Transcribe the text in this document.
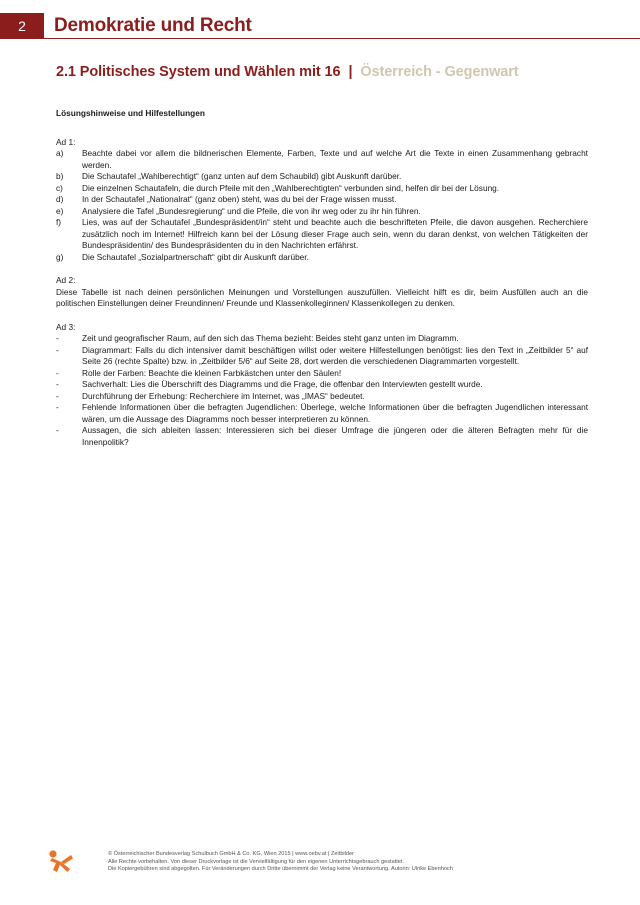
2	Demokratie und Recht
2.1 Politisches System und Wählen mit 16 | Österreich - Gegenwart

Lösungshinweise und Hilfestellungen

Ad 1:

a) Beachte dabei vor allem die bildnerischen Elemente, Farben, Texte und auf welche Art die Texte in einen Zusammenhang gebracht werden.
b) Die Schautafel „Wahlberechtigt“ (ganz unten auf dem Schaubild) gibt Auskunft darüber.
c) Die einzelnen Schautafeln, die durch Pfeile mit den „Wahlberechtigten“ verbunden sind, helfen dir bei der Lösung.
d) In der Schautafel „Nationalrat“ (ganz oben) steht, was du bei der Frage wissen musst.
e) Analysiere die Tafel „Bundesregierung“ und die Pfeile, die von ihr weg oder zu ihr hin führen.
f)	Lies, was auf der Schautafel „Bundespräsident/in“ steht und beachte auch die beschrifteten Pfeile, die davon ausgehen. Recherchiere zusätzlich noch im Internet! Hilfreich kann bei der Lösung dieser Frage auch sein, wenn du daran denkst, von welchen Tätigkeiten der Bundespräsidentin/ des Bundespräsidenten du in den Nachrichten erfährst.
g) Die Schautafel „Sozialpartnerschaft“ gibt dir Auskunft darüber.

Ad 2:

Diese Tabelle ist nach deinen persönlichen Meinungen und Vorstellungen auszufüllen. Vielleicht hilft es dir, beim Ausfüllen auch an die politischen Einstellungen deiner Freundinnen/ Freunde und Klassenkolleginnen/ Klassenkollegen zu denken.

Ad 3:

-	Zeit und geografischer Raum, auf den sich das Thema bezieht: Beides steht ganz unten im Diagramm.
-	Diagrammart: Falls du dich intensiver damit beschäftigen willst oder weitere Hilfestellungen benötigst: lies den Text in „Zeitbilder 5“ auf Seite 26 (rechte Spalte) bzw. in „Zeitbilder 5/6“ auf Seite 28, dort werden die verschiedenen Diagrammarten vorgestellt.
-	Rolle der Farben: Beachte die kleinen Farbkästchen unter den Säulen!
-	Sachverhalt: Lies die Überschrift des Diagramms und die Frage, die offenbar den Interviewten gestellt wurde.
-	Durchführung der Erhebung: Recherchiere im Internet, was „IMAS“ bedeutet.
-	Fehlende Informationen über die befragten Jugendlichen: Überlege, welche Informationen über die befragten Jugendlichen interessant wären, um die Aussage des Diagramms noch besser interpretieren zu können.
-	Aussagen, die sich ableiten lassen: Interessieren sich bei dieser Umfrage die jüngeren oder die älteren Befragten mehr für die Innenpolitik?
© Österreichischer Bundesverlag Schulbuch GmbH & Co. KG, Wien 2015 | www.oebv.at | Zeitbilder
Alle Rechte vorbehalten. Von dieser Druckvorlage ist die Vervielfältigung für den eigenen Unterrichtsgebrauch gestattet.
Die Kopiergebühren sind abgegolten. Für Veränderungen durch Dritte übernimmt der Verlag keine Verantwortung. Autorin: Ulrike Ebenhoch
